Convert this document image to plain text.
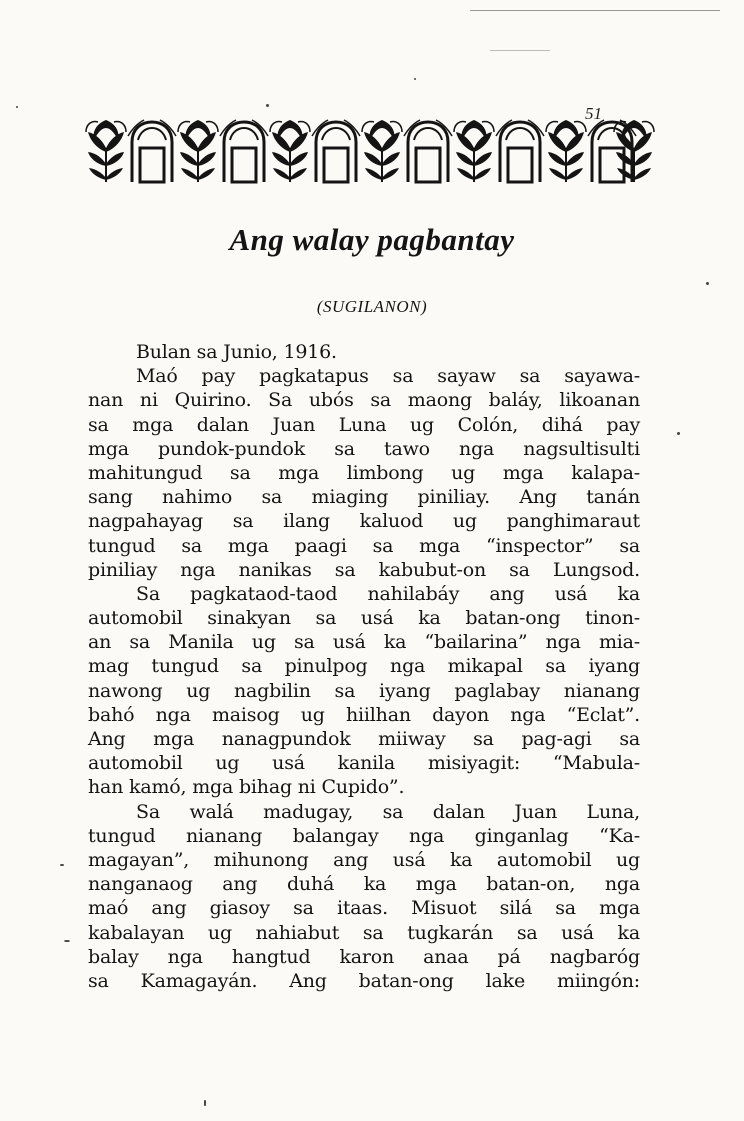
51
Ang walay pagbantay
(SUGILANON)
Bulan sa Junio, 1916.
Maó pay pagkatapus sa sayaw sa sayawa-
nan ni Quirino. Sa ubós sa maong baláy, likoanan
sa mga dalan Juan Luna ug Colón, dihá pay
mga pundok-pundok sa tawo nga nagsultisulti
mahitungud sa mga limbong ug mga kalapa-
sang nahimo sa miaging piniliay. Ang tanán
nagpahayag sa ilang kaluod ug panghimaraut
tungud sa mga paagi sa mga “inspector” sa
piniliay nga nanikas sa kabubut-on sa Lungsod.
Sa pagkataod-taod nahilabáy ang usá ka
automobil sinakyan sa usá ka batan-ong tinon-
an sa Manila ug sa usá ka “bailarina” nga mia-
mag tungud sa pinulpog nga mikapal sa iyang
nawong ug nagbilin sa iyang paglabay nianang
bahó nga maisog ug hiilhan dayon nga “Eclat”.
Ang mga nanagpundok miiway sa pag-agi sa
automobil ug usá kanila misiyagit: “Mabula-
han kamó, mga bihag ni Cupido”.
Sa walá madugay, sa dalan Juan Luna,
tungud nianang balangay nga ginganlag “Ka-
magayan”, mihunong ang usá ka automobil ug
nanganaog ang duhá ka mga batan-on, nga
maó ang giasoy sa itaas. Misuot silá sa mga
kabalayan ug nahiabut sa tugkarán sa usá ka
balay nga hangtud karon anaa pá nagbaróg
sa Kamagayán. Ang batan-ong lake miingón:
